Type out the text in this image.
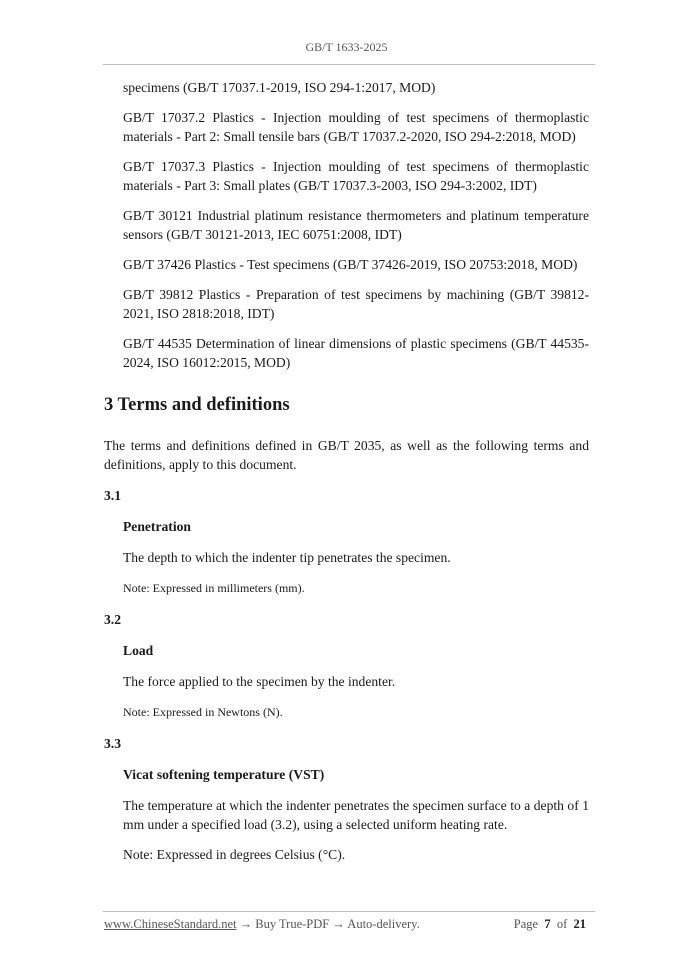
GB/T 1633-2025

specimens (GB/T 17037.1-2019, ISO 294-1:2017, MOD)

GB/T 17037.2 Plastics - Injection moulding of test specimens of thermoplastic materials - Part 2: Small tensile bars (GB/T 17037.2-2020, ISO 294-2:2018, MOD)

GB/T 17037.3 Plastics - Injection moulding of test specimens of thermoplastic materials - Part 3: Small plates (GB/T 17037.3-2003, ISO 294-3:2002, IDT)

GB/T 30121 Industrial platinum resistance thermometers and platinum temperature sensors (GB/T 30121-2013, IEC 60751:2008, IDT)

GB/T 37426 Plastics - Test specimens (GB/T 37426-2019, ISO 20753:2018, MOD)

GB/T 39812 Plastics - Preparation of test specimens by machining (GB/T 39812-2021, ISO 2818:2018, IDT)

GB/T 44535 Determination of linear dimensions of plastic specimens (GB/T 44535-2024, ISO 16012:2015, MOD)

3 Terms and definitions

The terms and definitions defined in GB/T 2035, as well as the following terms and definitions, apply to this document.

3.1

Penetration

The depth to which the indenter tip penetrates the specimen.

Note: Expressed in millimeters (mm).

3.2

Load

The force applied to the specimen by the indenter.

Note: Expressed in Newtons (N).

3.3

Vicat softening temperature (VST)

The temperature at which the indenter penetrates the specimen surface to a depth of 1 mm under a specified load (3.2), using a selected uniform heating rate.

Note: Expressed in degrees Celsius (°C).

www.ChineseStandard.net → Buy True-PDF → Auto-delivery.	Page 7 of 21
